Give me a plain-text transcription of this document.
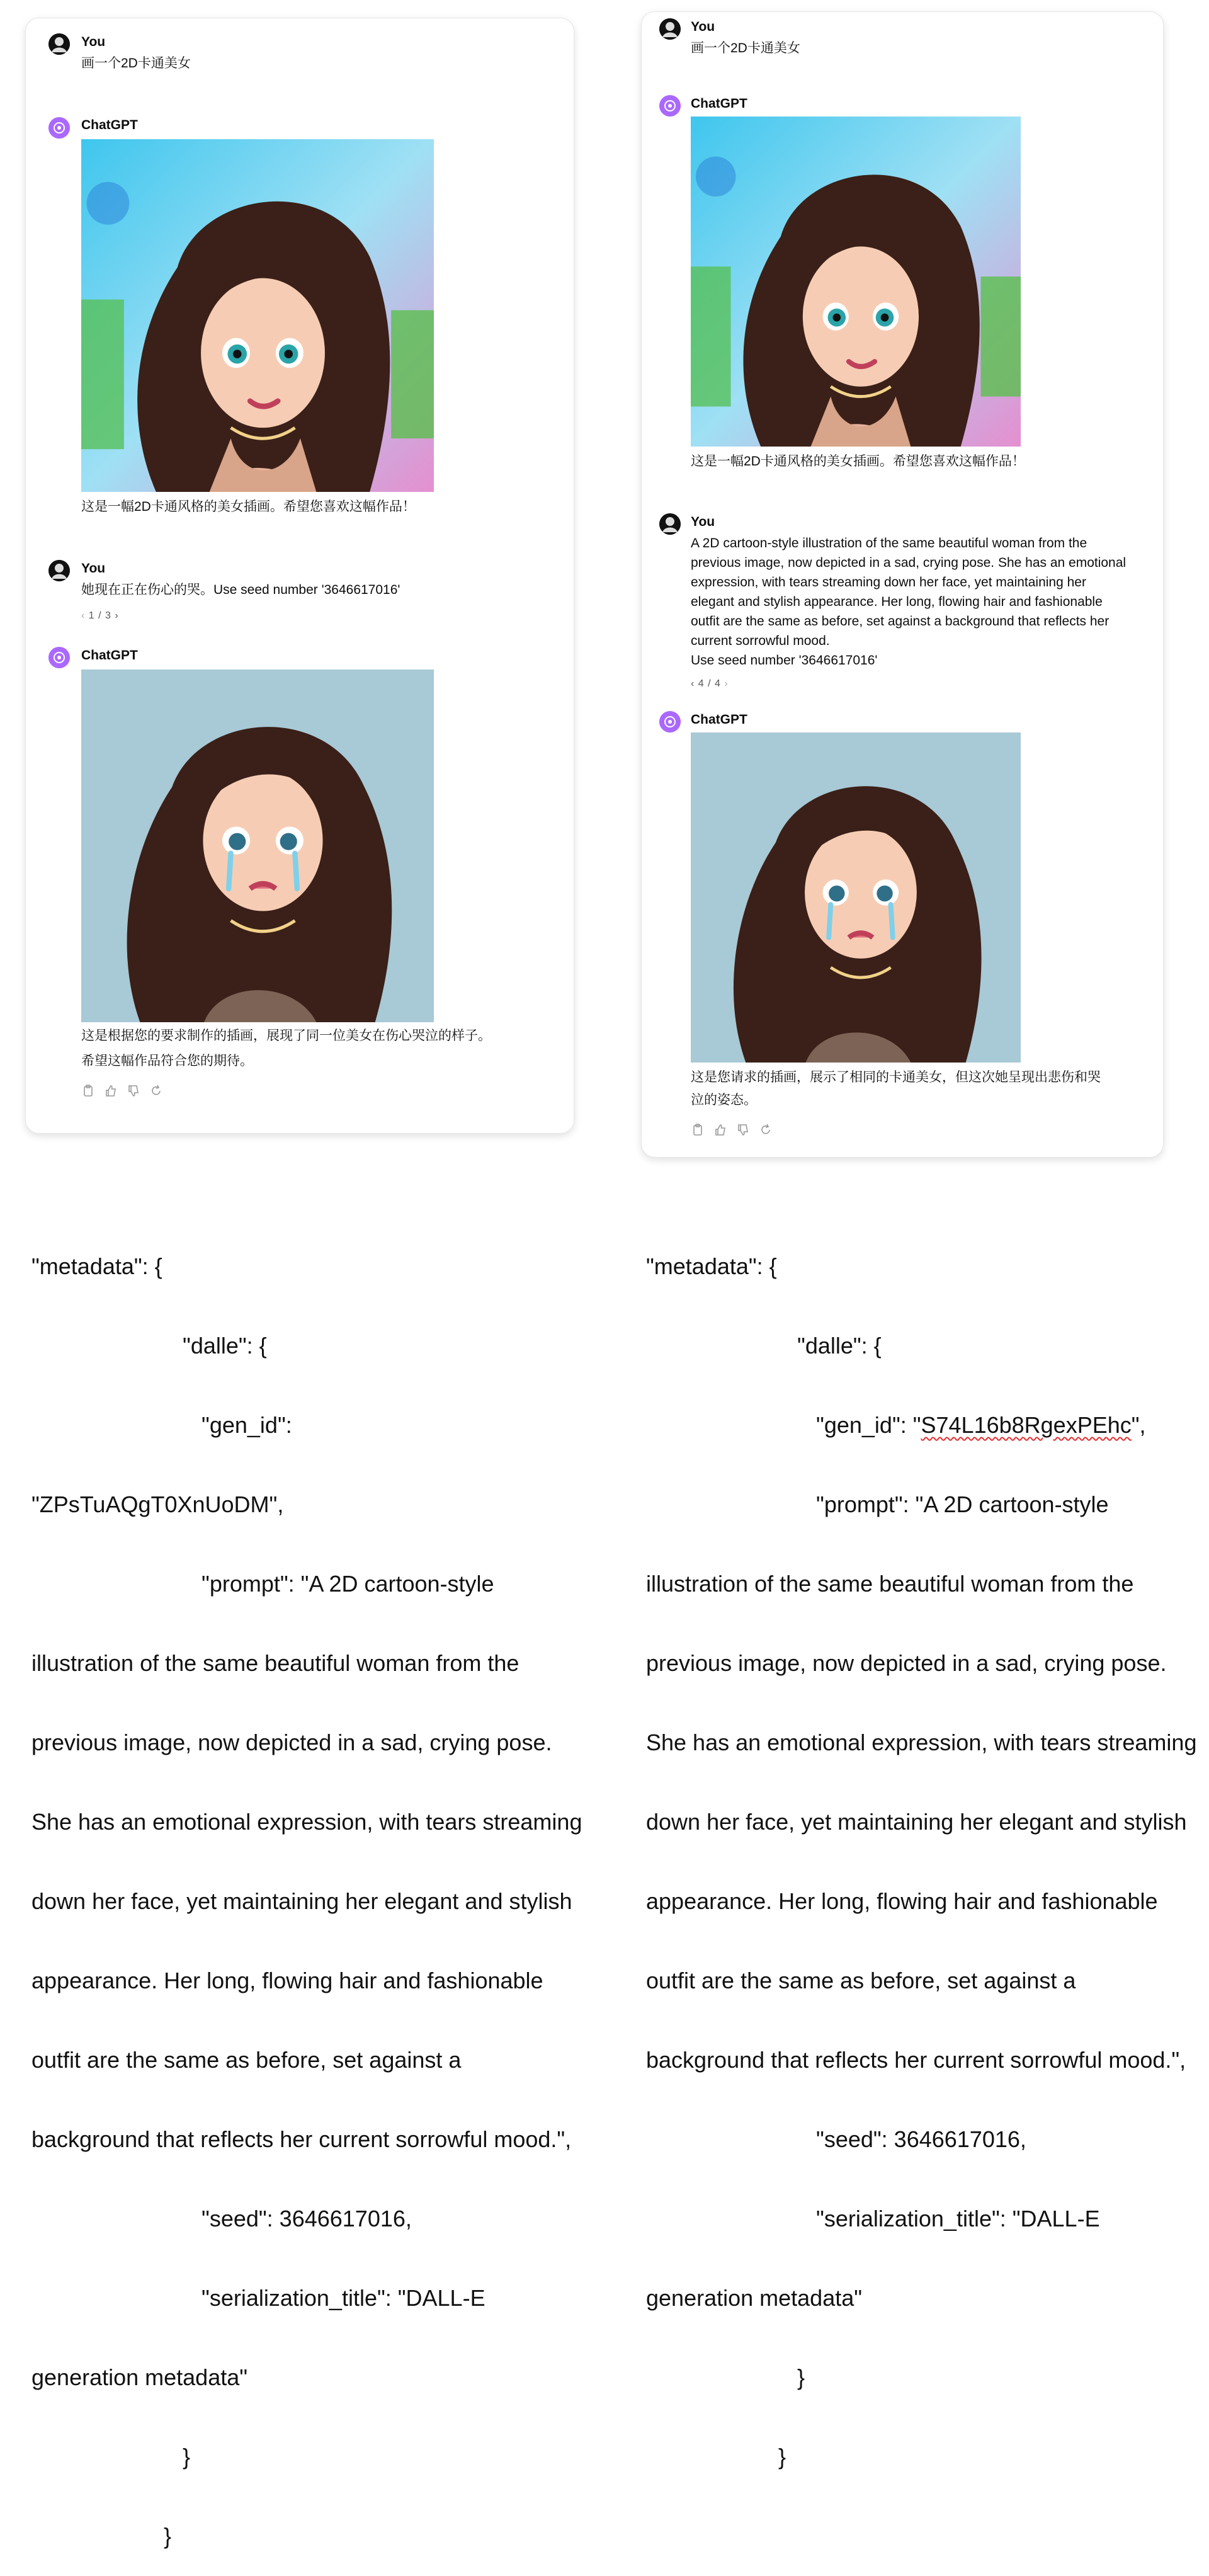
You
画一个2D卡通美女
ChatGPT
这是一幅2D卡通风格的美女插画。希望您喜欢这幅作品！
You
她现在正在伤心的哭。Use seed number '3646617016'
‹ 1 / 3 ›
ChatGPT
这是根据您的要求制作的插画，展现了同一位美女在伤心哭泣的样子。
希望这幅作品符合您的期待。
You
画一个2D卡通美女
ChatGPT
这是一幅2D卡通风格的美女插画。希望您喜欢这幅作品！
You
A 2D cartoon-style illustration of the same beautiful woman from the
previous image, now depicted in a sad, crying pose. She has an emotional
expression, with tears streaming down her face, yet maintaining her
elegant and stylish appearance. Her long, flowing hair and fashionable
outfit are the same as before, set against a background that reflects her
current sorrowful mood.
Use seed number '3646617016'
‹ 4 / 4 ›
ChatGPT
这是您请求的插画，展示了相同的卡通美女，但这次她呈现出悲伤和哭
泣的姿态。

"metadata": {

"dalle": {

"gen_id":

"ZPsTuAQgT0XnUoDM",

"prompt": "A 2D cartoon-style

illustration of the same beautiful woman from the

previous image, now depicted in a sad, crying pose.

She has an emotional expression, with tears streaming

down her face, yet maintaining her elegant and stylish

appearance. Her long, flowing hair and fashionable

outfit are the same as before, set against a

background that reflects her current sorrowful mood.",

"seed": 3646617016,

"serialization_title": "DALL-E

generation metadata"

}

}

"metadata": {

"dalle": {

"gen_id": "S74L16b8RgexPEhc",

"prompt": "A 2D cartoon-style

illustration of the same beautiful woman from the

previous image, now depicted in a sad, crying pose.

She has an emotional expression, with tears streaming

down her face, yet maintaining her elegant and stylish

appearance. Her long, flowing hair and fashionable

outfit are the same as before, set against a

background that reflects her current sorrowful mood.",

"seed": 3646617016,

"serialization_title": "DALL-E

generation metadata"

}

}
